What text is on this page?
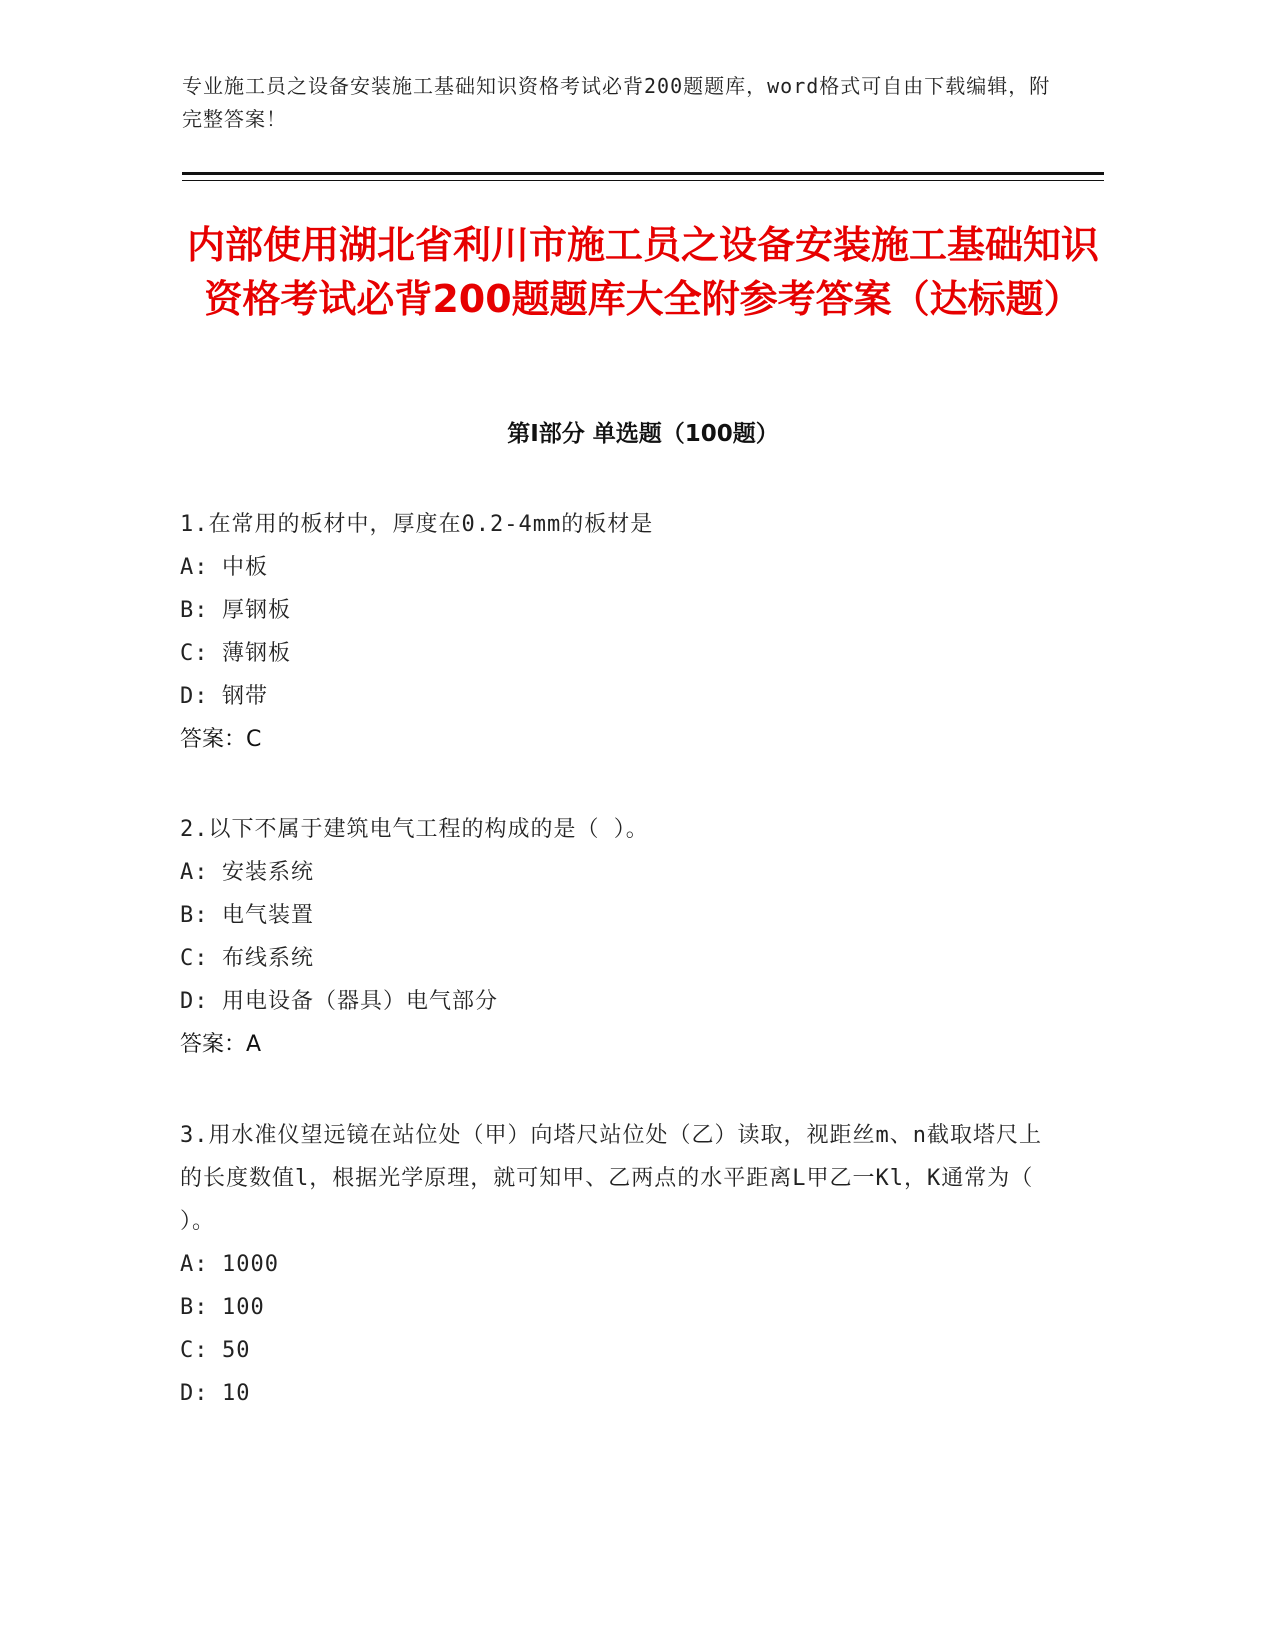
专业施工员之设备安装施工基础知识资格考试必背200题题库，word格式可自由下载编辑，附完整答案！
内部使用湖北省利川市施工员之设备安装施工基础知识资格考试必背200题题库大全附参考答案（达标题）
第Ⅰ部分 单选题（100题）
1.在常用的板材中，厚度在0.2-4mm的板材是
A: 中板
B: 厚钢板
C: 薄钢板
D: 钢带
答案：C
2.以下不属于建筑电气工程的构成的是（ ）。
A: 安装系统
B: 电气装置
C: 布线系统
D: 用电设备（器具）电气部分
答案：A
3.用水准仪望远镜在站位处（甲）向塔尺站位处（乙）读取，视距丝m、n截取塔尺上的长度数值l，根据光学原理，就可知甲、乙两点的水平距离L甲乙一Kl，K通常为（ ）。
A: 1000
B: 100
C: 50
D: 10
